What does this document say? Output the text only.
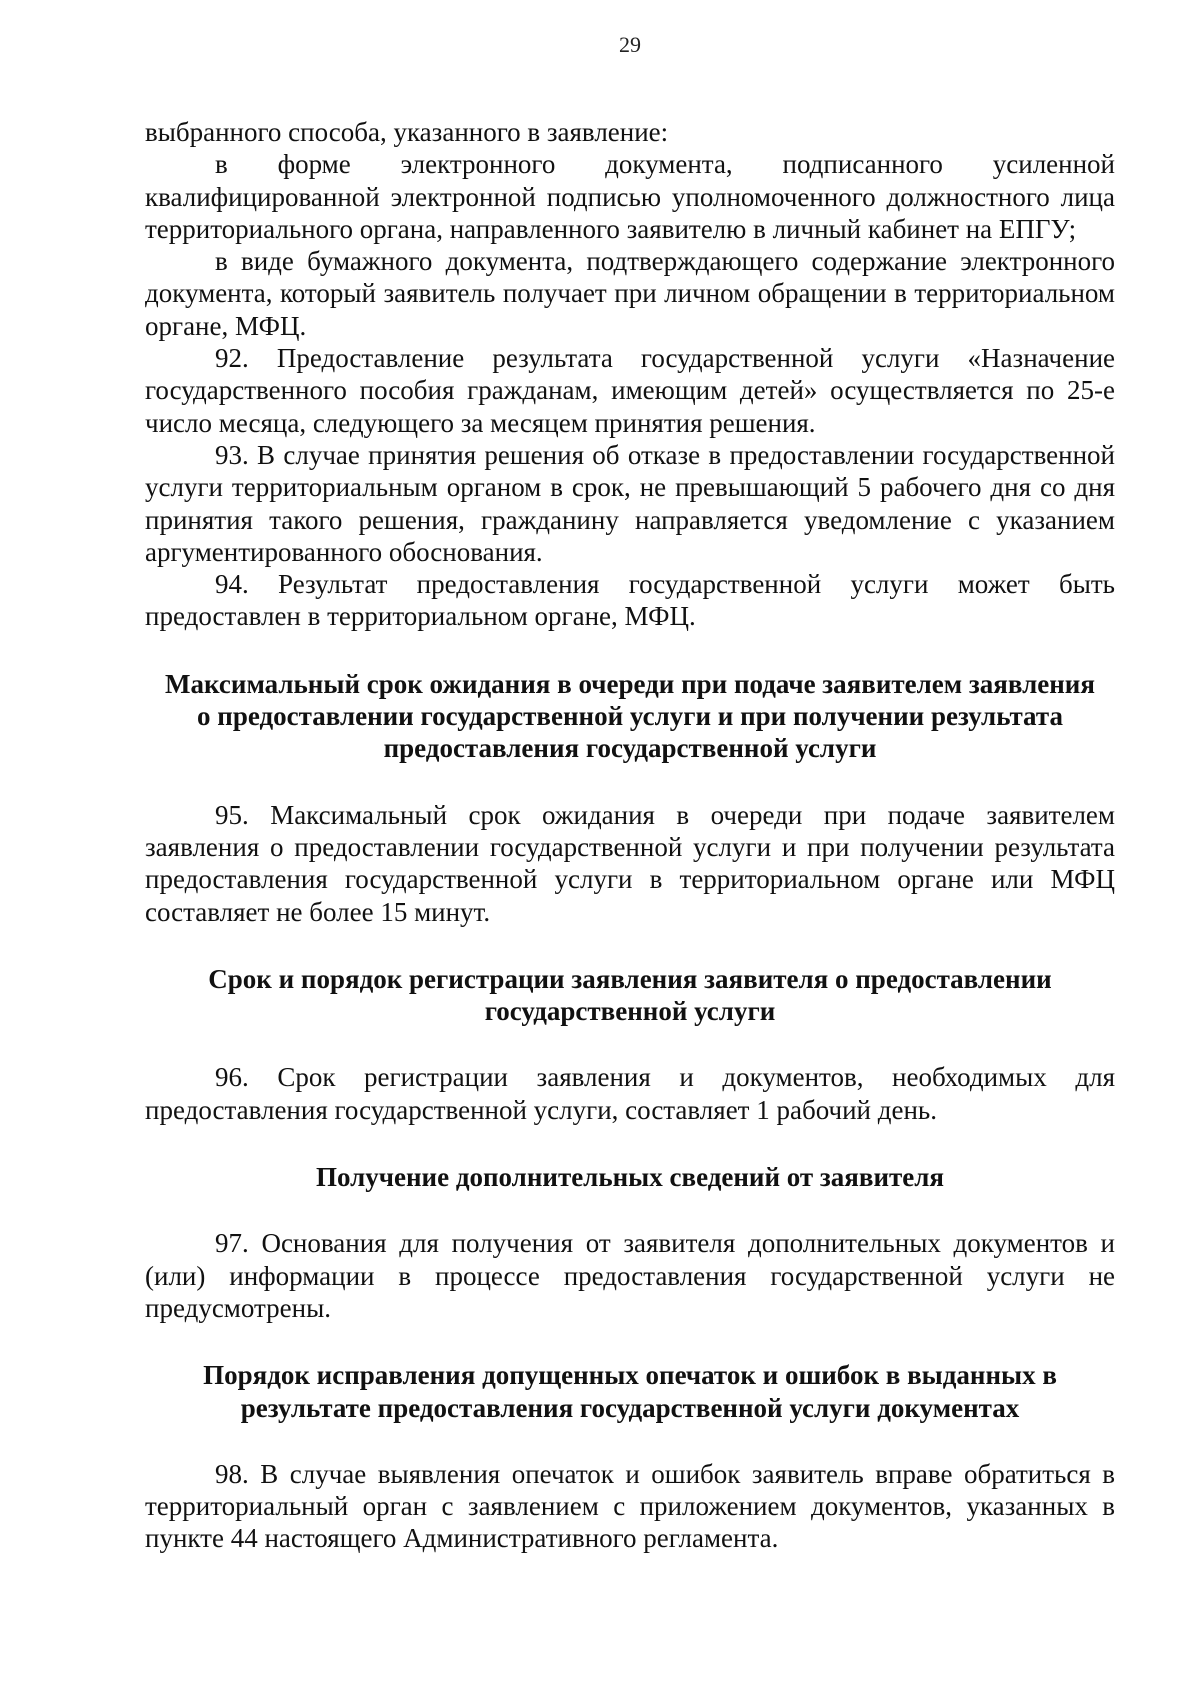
29

выбранного способа, указанного в заявление:

в форме электронного документа, подписанного усиленной квалифицированной электронной подписью уполномоченного должностного лица территориального органа, направленного заявителю в личный кабинет на ЕПГУ;

в виде бумажного документа, подтверждающего содержание электронного документа, который заявитель получает при личном обращении в территориальном органе, МФЦ.

92. Предоставление результата государственной услуги «Назначение государственного пособия гражданам, имеющим детей» осуществляется по 25-е число месяца, следующего за месяцем принятия решения.

93. В случае принятия решения об отказе в предоставлении государственной услуги территориальным органом в срок, не превышающий 5 рабочего дня со дня принятия такого решения, гражданину направляется уведомление с указанием аргументированного обоснования.

94. Результат предоставления государственной услуги может быть предоставлен в территориальном органе, МФЦ.

Максимальный срок ожидания в очереди при подаче заявителем заявления о предоставлении государственной услуги и при получении результата предоставления государственной услуги

95. Максимальный срок ожидания в очереди при подаче заявителем заявления о предоставлении государственной услуги и при получении результата предоставления государственной услуги в территориальном органе или МФЦ составляет не более 15 минут.

Срок и порядок регистрации заявления заявителя о предоставлении государственной услуги

96. Срок регистрации заявления и документов, необходимых для предоставления государственной услуги, составляет 1 рабочий день.

Получение дополнительных сведений от заявителя

97. Основания для получения от заявителя дополнительных документов и (или) информации в процессе предоставления государственной услуги не предусмотрены.

Порядок исправления допущенных опечаток и ошибок в выданных в результате предоставления государственной услуги документах

98. В случае выявления опечаток и ошибок заявитель вправе обратиться в территориальный орган с заявлением с приложением документов, указанных в пункте 44 настоящего Административного регламента.
